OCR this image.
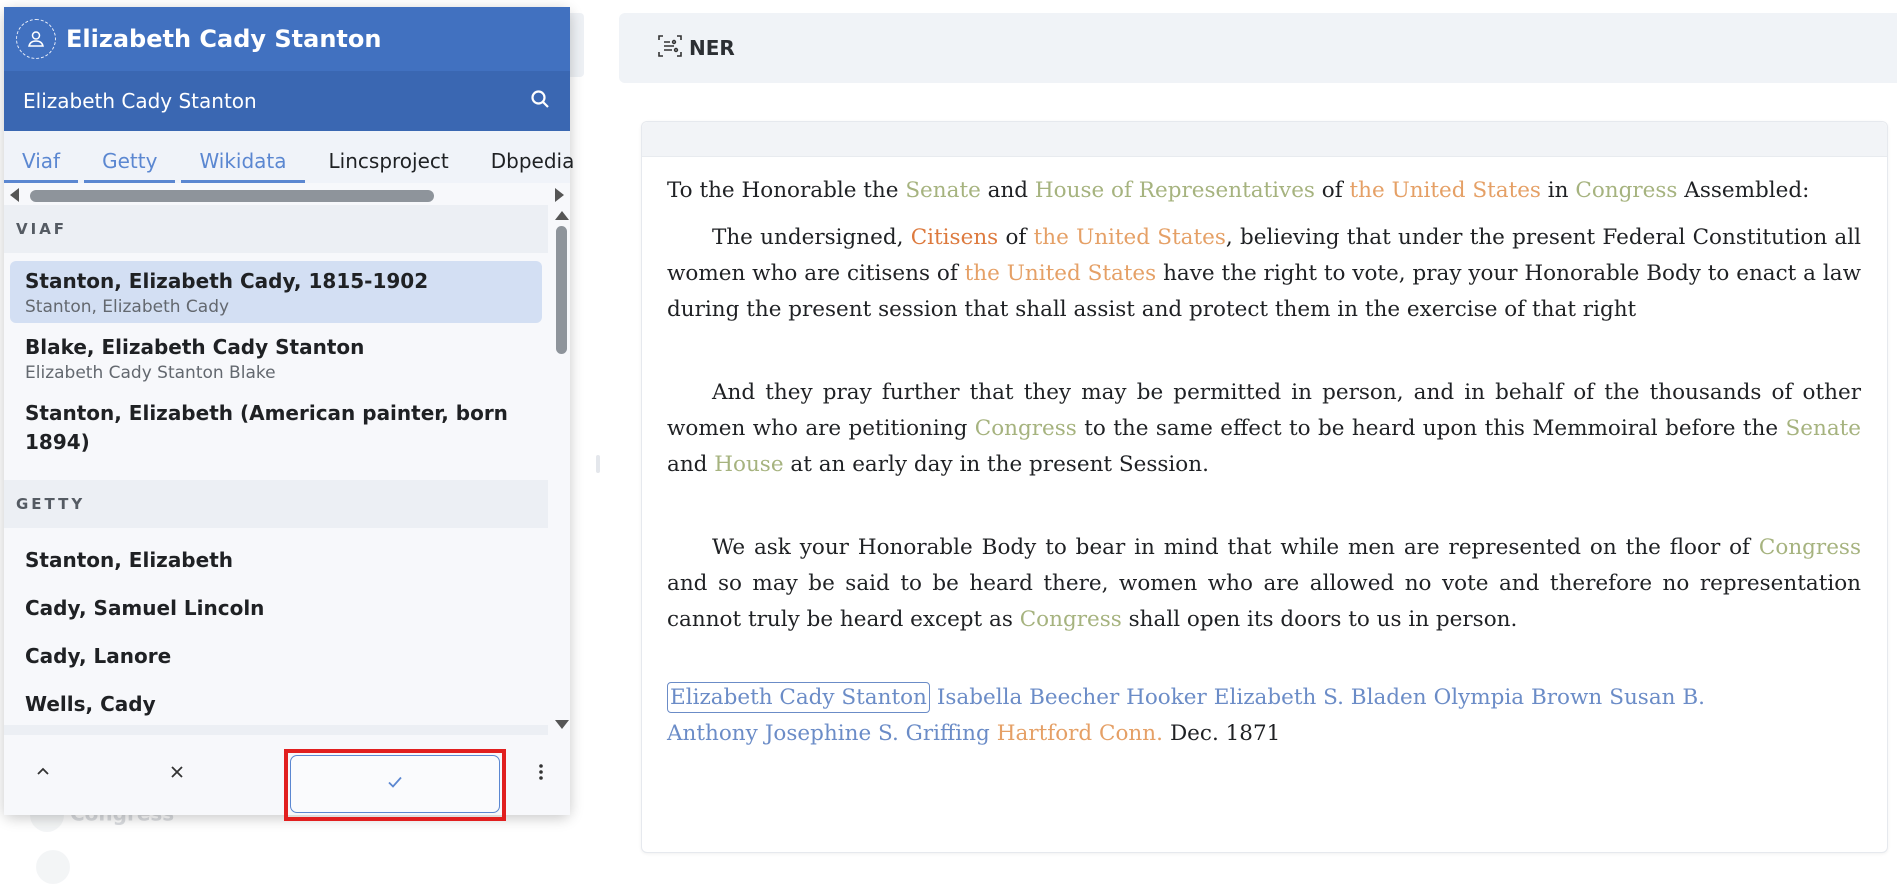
NER

To the Honorable the Senate and House of Representatives of the United States in Congress Assembled:

The undersigned, Citisens of the United States, believing that under the present Federal Constitution all women who are citisens of the United States have the right to vote, pray your Honorable Body to enact a law during the present session that shall assist and protect them in the exercise of that right

And they pray further that they may be permitted in person, and in behalf of the thousands of other women who are petitioning Congress to the same effect to be heard upon this Memmoiral before the Senate and House at an early day in the present Session.

We ask your Honorable Body to bear in mind that while men are represented on the floor of Congress and so may be said to be heard there, women who are allowed no vote and therefore no representation cannot truly be heard except as Congress shall open its doors to us in person.

Elizabeth Cady Stanton Isabella Beecher Hooker Elizabeth S. Bladen Olympia Brown Susan B. Anthony Josephine S. Griffing Hartford Conn. Dec. 1871
Elizabeth Cady Stanton
Elizabeth Cady Stanton
Viaf	Getty	Wikidata	Lincsproject	Dbpedia
VIAF
Stanton, Elizabeth Cady, 1815-1902
Stanton, Elizabeth Cady
Blake, Elizabeth Cady Stanton
Elizabeth Cady Stanton Blake
Stanton, Elizabeth (American painter, born 1894)
GETTY
Stanton, Elizabeth
Cady, Samuel Lincoln
Cady, Lanore
Wells, Cady
